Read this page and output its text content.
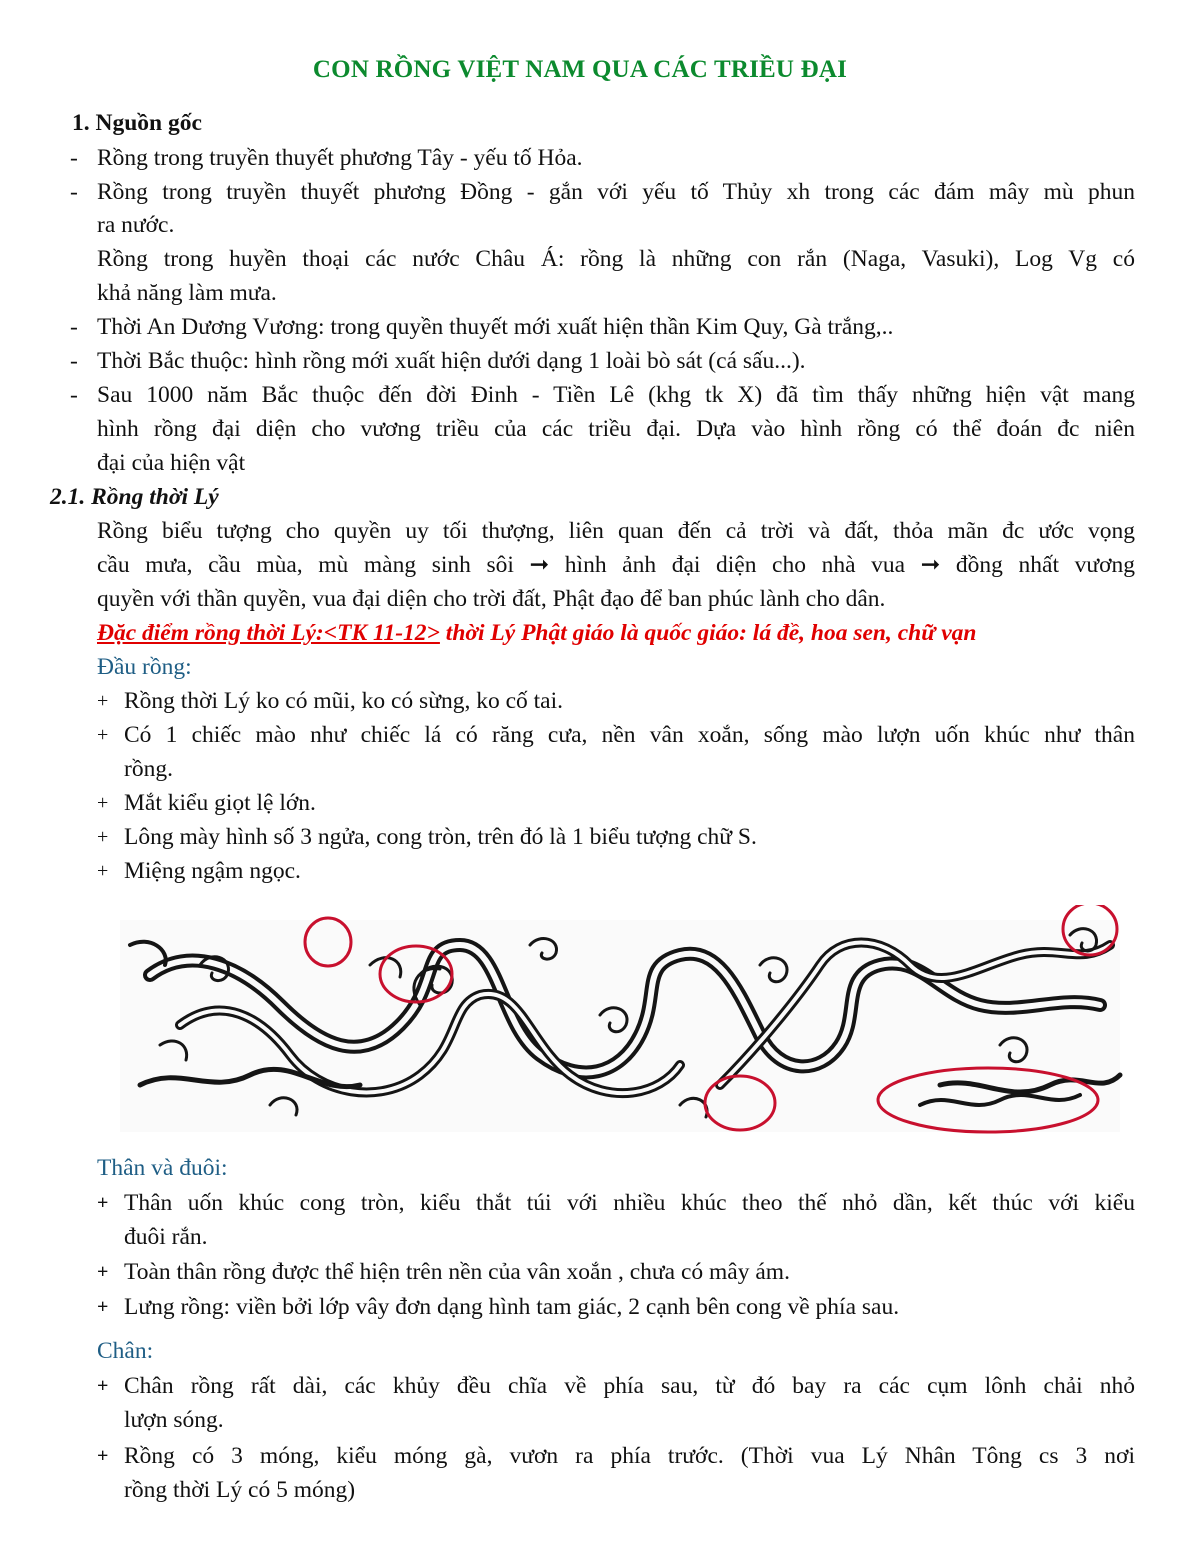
CON RỒNG VIỆT NAM QUA CÁC TRIỀU ĐẠI
1. Nguồn gốc
- Rồng trong truyền thuyết phương Tây - yếu tố Hỏa.
- Rồng trong truyền thuyết phương Đồng - gắn với yếu tố Thủy xh trong các đám mây mù phun
ra nước.
Rồng trong huyền thoại các nước Châu Á: rồng là những con rắn (Naga, Vasuki), Log Vg có
khả năng làm mưa.
- Thời An Dương Vương: trong quyền thuyết mới xuất hiện thần Kim Quy, Gà trắng,..
- Thời Bắc thuộc: hình rồng mới xuất hiện dưới dạng 1 loài bò sát (cá sấu...).
- Sau 1000 năm Bắc thuộc đến đời Đinh - Tiền Lê (khg tk X) đã tìm thấy những hiện vật mang
hình rồng đại diện cho vương triều của các triều đại. Dựa vào hình rồng có thể đoán đc niên
đại của hiện vật
2.1. Rồng thời Lý
Rồng biểu tượng cho quyền uy tối thượng, liên quan đến cả trời và đất, thỏa mãn đc ước vọng
cầu mưa, cầu mùa, mù màng sinh sôi ➞ hình ảnh đại diện cho nhà vua ➞ đồng nhất vương
quyền với thần quyền, vua đại diện cho trời đất, Phật đạo để ban phúc lành cho dân.
Đặc điểm rồng thời Lý:<TK 11-12> thời Lý Phật giáo là quốc giáo: lá đề, hoa sen, chữ vạn
Đầu rồng:
+ Rồng thời Lý ko có mũi, ko có sừng, ko cố tai.
+ Có 1 chiếc mào như chiếc lá có răng cưa, nền vân xoắn, sống mào lượn uốn khúc như thân
rồng.
+ Mắt kiểu giọt lệ lớn.
+ Lông mày hình số 3 ngửa, cong tròn, trên đó là 1 biểu tượng chữ S.
+ Miệng ngậm ngọc.
Thân và đuôi:
+ Thân uốn khúc cong tròn, kiểu thắt túi với nhiều khúc theo thế nhỏ dần, kết thúc với kiểu
đuôi rắn.
+ Toàn thân rồng được thể hiện trên nền của vân xoắn , chưa có mây ám.
+ Lưng rồng: viền bởi lớp vây đơn dạng hình tam giác, 2 cạnh bên cong về phía sau.
Chân:
+ Chân rồng rất dài, các khủy đều chĩa về phía sau, từ đó bay ra các cụm lônh chải nhỏ
lượn sóng.
+ Rồng có 3 móng, kiểu móng gà, vươn ra phía trước. (Thời vua Lý Nhân Tông cs 3 nơi
rồng thời Lý có 5 móng)
